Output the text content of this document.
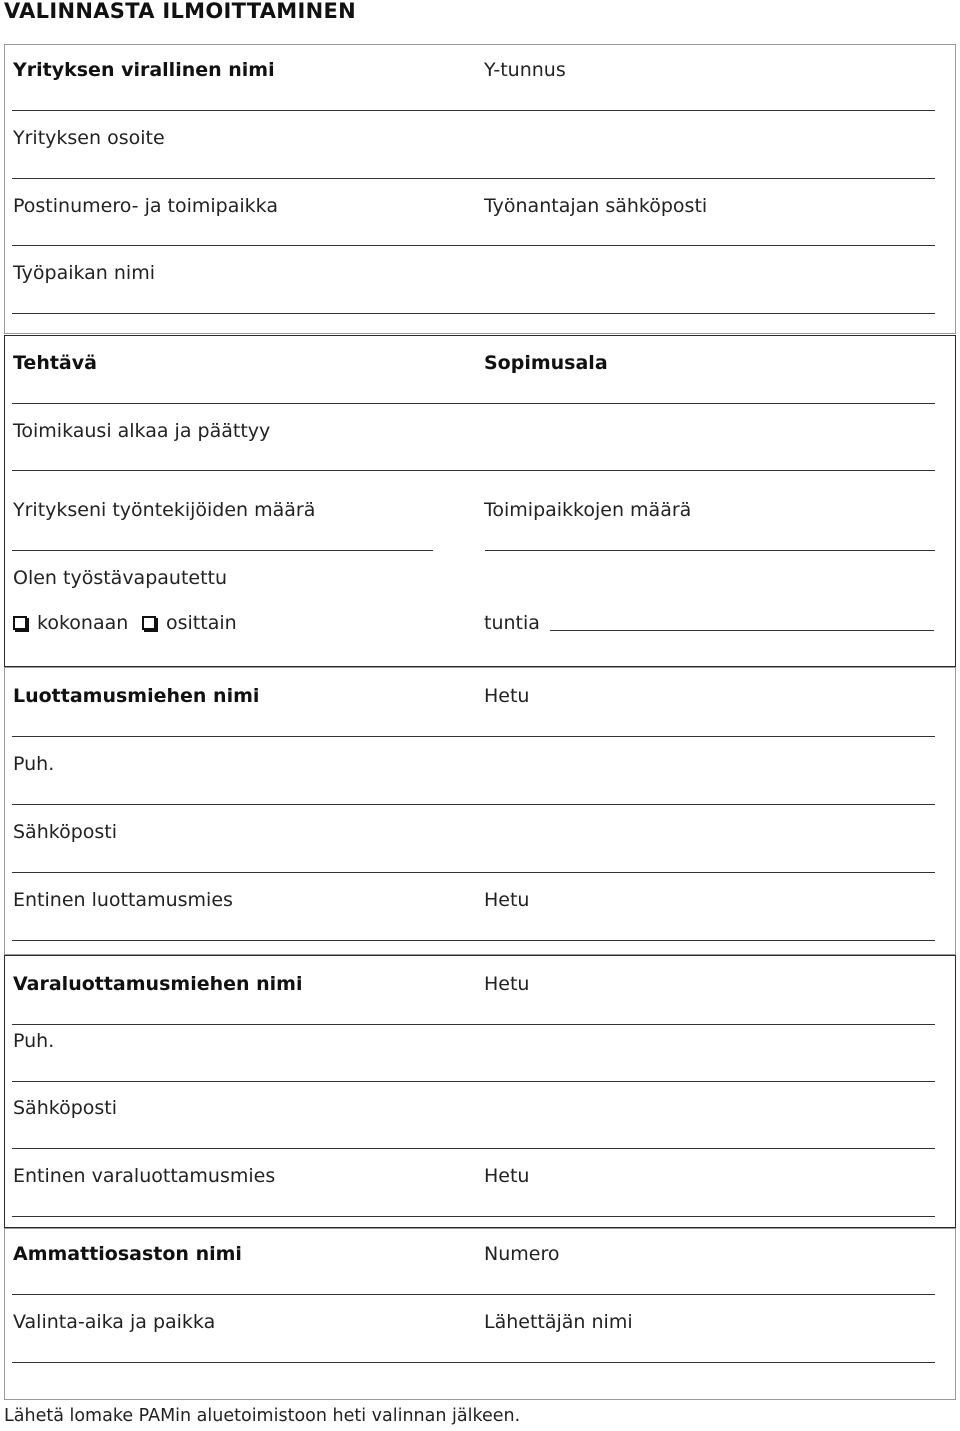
VALINNASTA ILMOITTAMINEN
Yrityksen virallinen nimi	Y-tunnus
Yrityksen osoite
Postinumero- ja toimipaikka	Työnantajan sähköposti
Työpaikan nimi
Tehtävä	Sopimusala
Toimikausi alkaa ja päättyy
Yritykseni työntekijöiden määrä	Toimipaikkojen määrä
Olen työstävapautettu
kokonaan	osittain	tuntia
Luottamusmiehen nimi	Hetu
Puh.
Sähköposti
Entinen luottamusmies	Hetu
Varaluottamusmiehen nimi	Hetu
Puh.
Sähköposti
Entinen varaluottamusmies	Hetu
Ammattiosaston nimi	Numero
Valinta-aika ja paikka	Lähettäjän nimi
Lähetä lomake PAMin aluetoimistoon heti valinnan jälkeen.
